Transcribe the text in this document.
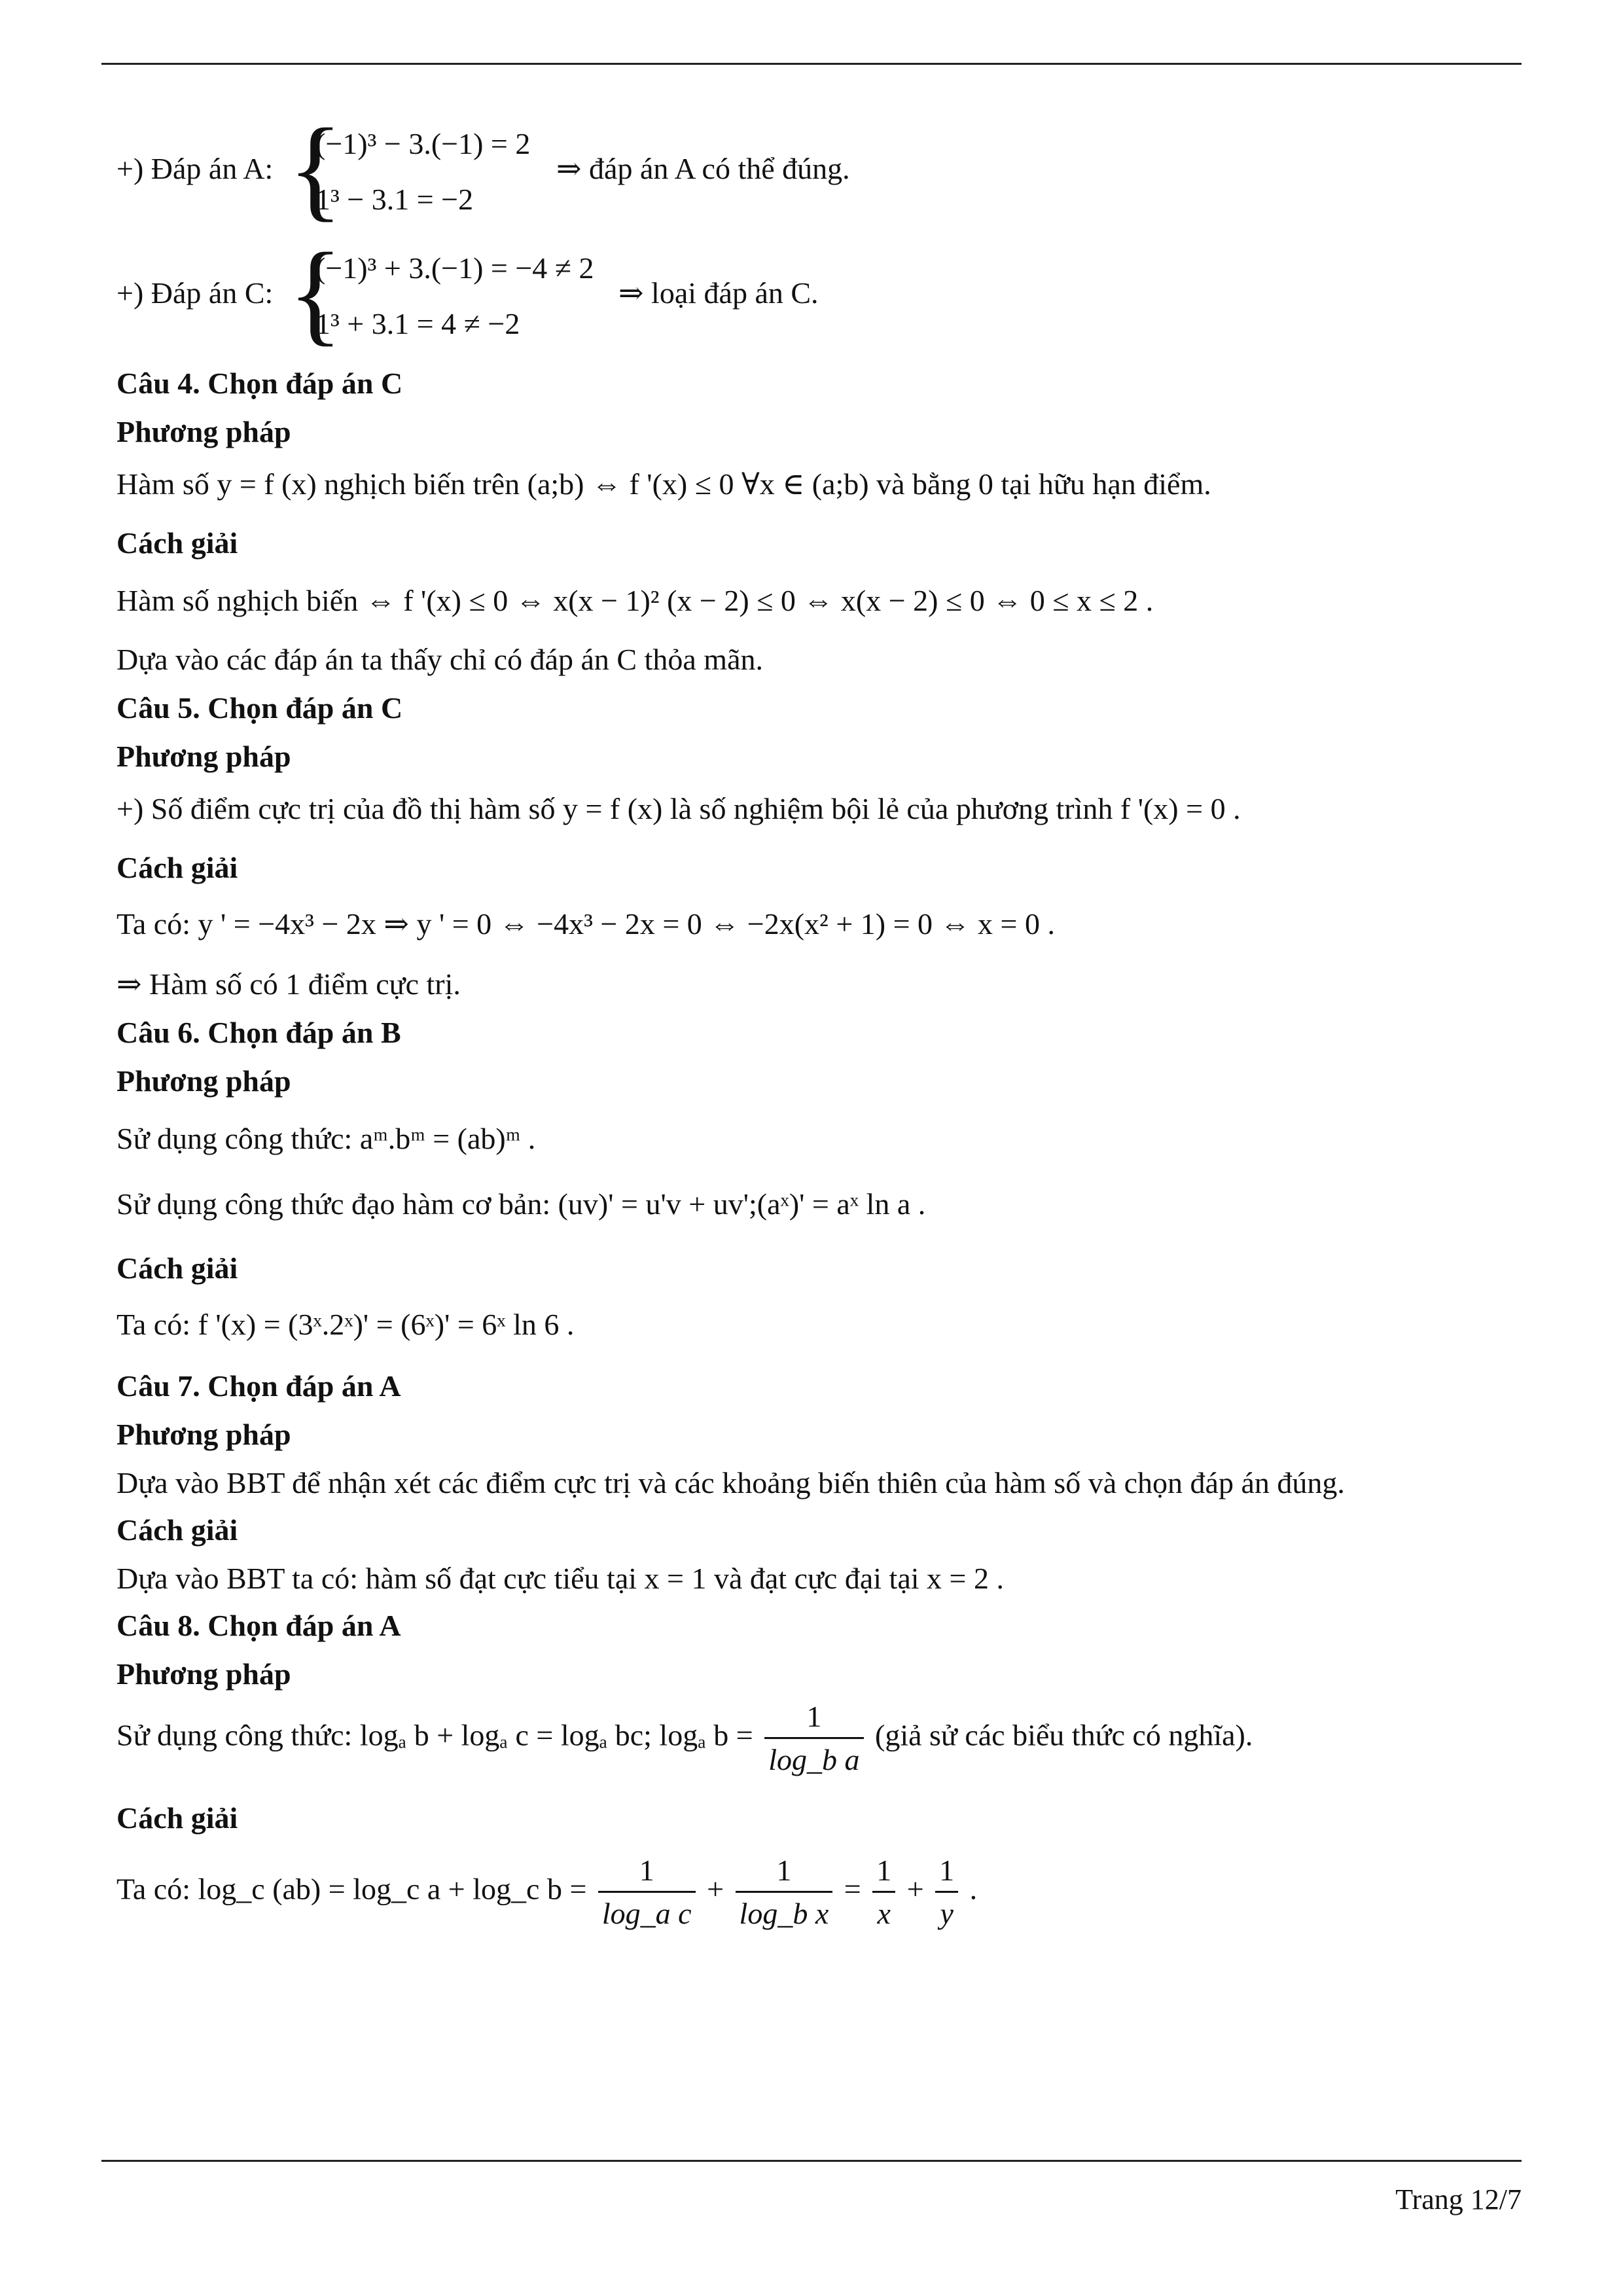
+) Đáp án A: {
(−1)³ − 3.(−1) = 2
1³ − 3.1 = −2
⇒ đáp án A có thể đúng.
+) Đáp án C: {
(−1)³ + 3.(−1) = −4 ≠ 2
1³ + 3.1 = 4 ≠ −2
⇒ loại đáp án C.
Câu 4. Chọn đáp án C
Phương pháp
Hàm số y = f (x) nghịch biến trên (a;b) ⇔ f '(x) ≤ 0 ∀x ∈ (a;b) và bằng 0 tại hữu hạn điểm.
Cách giải
Hàm số nghịch biến ⇔ f '(x) ≤ 0 ⇔ x(x − 1)² (x − 2) ≤ 0 ⇔ x(x − 2) ≤ 0 ⇔ 0 ≤ x ≤ 2 .
Dựa vào các đáp án ta thấy chỉ có đáp án C thỏa mãn.
Câu 5. Chọn đáp án C
Phương pháp
+) Số điểm cực trị của đồ thị hàm số y = f (x) là số nghiệm bội lẻ của phương trình f '(x) = 0 .
Cách giải
Ta có: y ' = −4x³ − 2x ⇒ y ' = 0 ⇔ −4x³ − 2x = 0 ⇔ −2x(x² + 1) = 0 ⇔ x = 0 .
⇒ Hàm số có 1 điểm cực trị.
Câu 6. Chọn đáp án B
Phương pháp
Sử dụng công thức: aᵐ.bᵐ = (ab)ᵐ .
Sử dụng công thức đạo hàm cơ bản: (uv)' = u'v + uv';(aˣ)' = aˣ ln a .
Cách giải
Ta có: f '(x) = (3ˣ.2ˣ)' = (6ˣ)' = 6ˣ ln 6 .
Câu 7. Chọn đáp án A
Phương pháp
Dựa vào BBT để nhận xét các điểm cực trị và các khoảng biến thiên của hàm số và chọn đáp án đúng.
Cách giải
Dựa vào BBT ta có: hàm số đạt cực tiểu tại x = 1 và đạt cực đại tại x = 2 .
Câu 8. Chọn đáp án A
Phương pháp
Sử dụng công thức: logₐ b + logₐ c = logₐ bc; logₐ $b = \frac{1}{\text{log\_b a}}$ (giả sử các biểu thức có nghĩa).
Cách giải
Ta có: log_c (ab) = log_c a + log_c $b = \frac{1}{\text{log\_a c}} + \frac{1}{\text{log\_b x}} = \frac{1}{x} + \frac{1}{y}$ .
Trang 12/7
